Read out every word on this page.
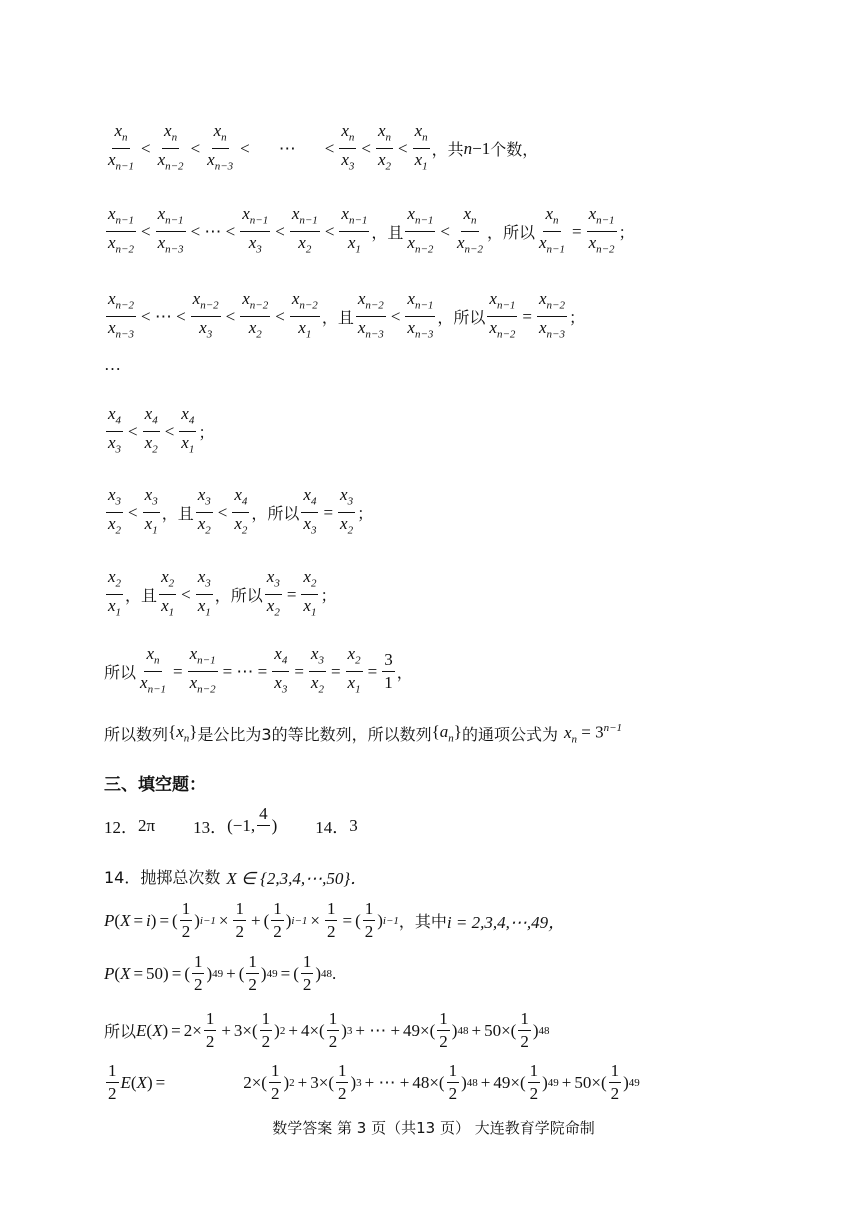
$\frac{x_n}{x_{n-1}} < \frac{x_n}{x_{n-2}} < \frac{x_n}{x_{n-3}}$ < ⋯ < $\frac{x_n}{x_3} < \frac{x_n}{x_2} < \frac{x_n}{x_1}$ ，共 n −1 个数，
$\frac{x_{n-1}}{x_{n-2}} < \frac{x_{n-1}}{x_{n-3}}$ < ⋯ < $\frac{x_{n-1}}{x_3} < \frac{x_{n-1}}{x_2} < \frac{x_{n-1}}{x_1}$ ，且 $\frac{x_{n-1}}{x_{n-2}} < \frac{x_n}{x_{n-2}}$ ，所以 $\frac{x_n}{x_{n-1}} = \frac{x_{n-1}}{x_{n-2}}$ ；
$\frac{x_{n-2}}{x_{n-3}}$ < ⋯ < $\frac{x_{n-2}}{x_3} < \frac{x_{n-2}}{x_2} < \frac{x_{n-2}}{x_1}$ ，且 $\frac{x_{n-2}}{x_{n-3}} < \frac{x_{n-1}}{x_{n-3}}$ ，所以 $\frac{x_{n-1}}{x_{n-2}} = \frac{x_{n-2}}{x_{n-3}}$ ；
…
$\frac{x_4}{x_3} < \frac{x_4}{x_2} < \frac{x_4}{x_1}$ ；
$\frac{x_3}{x_2} < \frac{x_3}{x_1}$ ，且 $\frac{x_3}{x_2} < \frac{x_4}{x_2}$ ，所以 $\frac{x_4}{x_3} = \frac{x_3}{x_2}$ ；
$\frac{x_2}{x_1}$ ，且 $\frac{x_2}{x_1} < \frac{x_3}{x_1}$ ，所以 $\frac{x_3}{x_2} = \frac{x_2}{x_1}$ ；
所以 $\frac{x_n}{x_{n-1}} = \frac{x_{n-1}}{x_{n-2}}$ = ⋯ = $\frac{x_4}{x_3} = \frac{x_3}{x_2} = \frac{x_2}{x_1} = \frac{3}{1}$ ，
所以数列 $\{x_n\}$ 是公比为3的等比数列，所以数列 $\{a_n\}$ 的通项公式为 $x_n = 3^{n-1}$
三、填空题：
12． 2π 13． (−1,
4

) 14． 3
14．抛掷总次数 X ∈ {2,3,4,⋯,50}．
P ( X = i ) = ( $\frac{1}{2}$ ) $i-1 \times \frac{1}{2}$ + ( $\frac{1}{2}$ ) $i-1 \times \frac{1}{2}$ = ( $\frac{1}{2}$ ) i−1 ，其中 i = 2,3,4,⋯,49，
P ( X = 50) = ( $\frac{1}{2}$ ) 49 + ( $\frac{1}{2}$ ) 49 = ( $\frac{1}{2}$ ) 48 .
所以 E ( X ) = $2\times \frac{1}{2} + 3\times( \frac{1}{2}$ ) $2 + 4\times( \frac{1}{2}$ ) 3 + ⋯ + $49\times( \frac{1}{2}$ ) $48 + 50\times( \frac{1}{2}$ ) 48
$\frac{1}{2}$ E ( X ) =	$2\times( \frac{1}{2}$ ) $2 + 3\times( \frac{1}{2}$ ) 3 + ⋯ + $48\times( \frac{1}{2}$ ) $48 + 49\times( \frac{1}{2}$ ) $49 + 50\times( \frac{1}{2}$ ) 49
数学答案 第 3 页（共13 页） 大连教育学院命制
